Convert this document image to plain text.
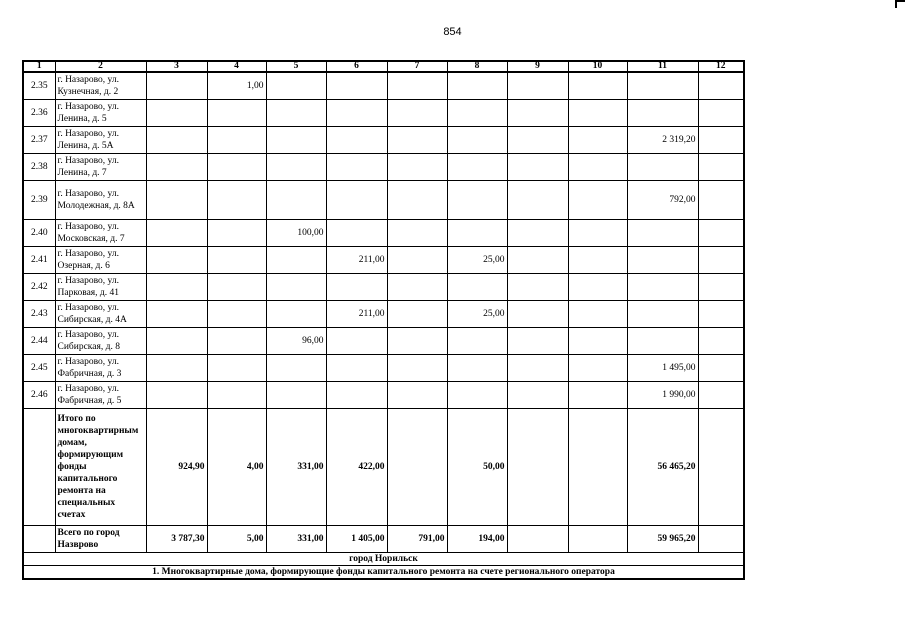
854
1	2	3	4	5	6	7	8	9	10	11	12
2.35	г. Назарово, ул. Кузнечная, д. 2		1,00								
2.36	г. Назарово, ул. Ленина, д. 5										
2.37	г. Назарово, ул. Ленина, д. 5А									2 319,20	
2.38	г. Назарово, ул. Ленина, д. 7										
2.39	г. Назарово, ул. Молодежная, д. 8А									792,00	
2.40	г. Назарово, ул. Московская, д. 7			100,00							
2.41	г. Назарово, ул. Озерная, д. 6				211,00		25,00				
2.42	г. Назарово, ул. Парковая, д. 41										
2.43	г. Назарово, ул. Сибирская, д. 4А				211,00		25,00				
2.44	г. Назарово, ул. Сибирская, д. 8			96,00							
2.45	г. Назарово, ул. Фабричная, д. 3									1 495,00	
2.46	г. Назарово, ул. Фабричная, д. 5									1 990,00	
	Итого по многоквартирным домам, формирующим фонды капитального ремонта на специальных счетах	924,90	4,00	331,00	422,00		50,00			56 465,20	
	Всего по город Назврово	3 787,30	5,00	331,00	1 405,00	791,00	194,00			59 965,20	
город Норильск											
1. Многоквартирные дома, формирующие фонды капитального ремонта на счете регионального оператора											
